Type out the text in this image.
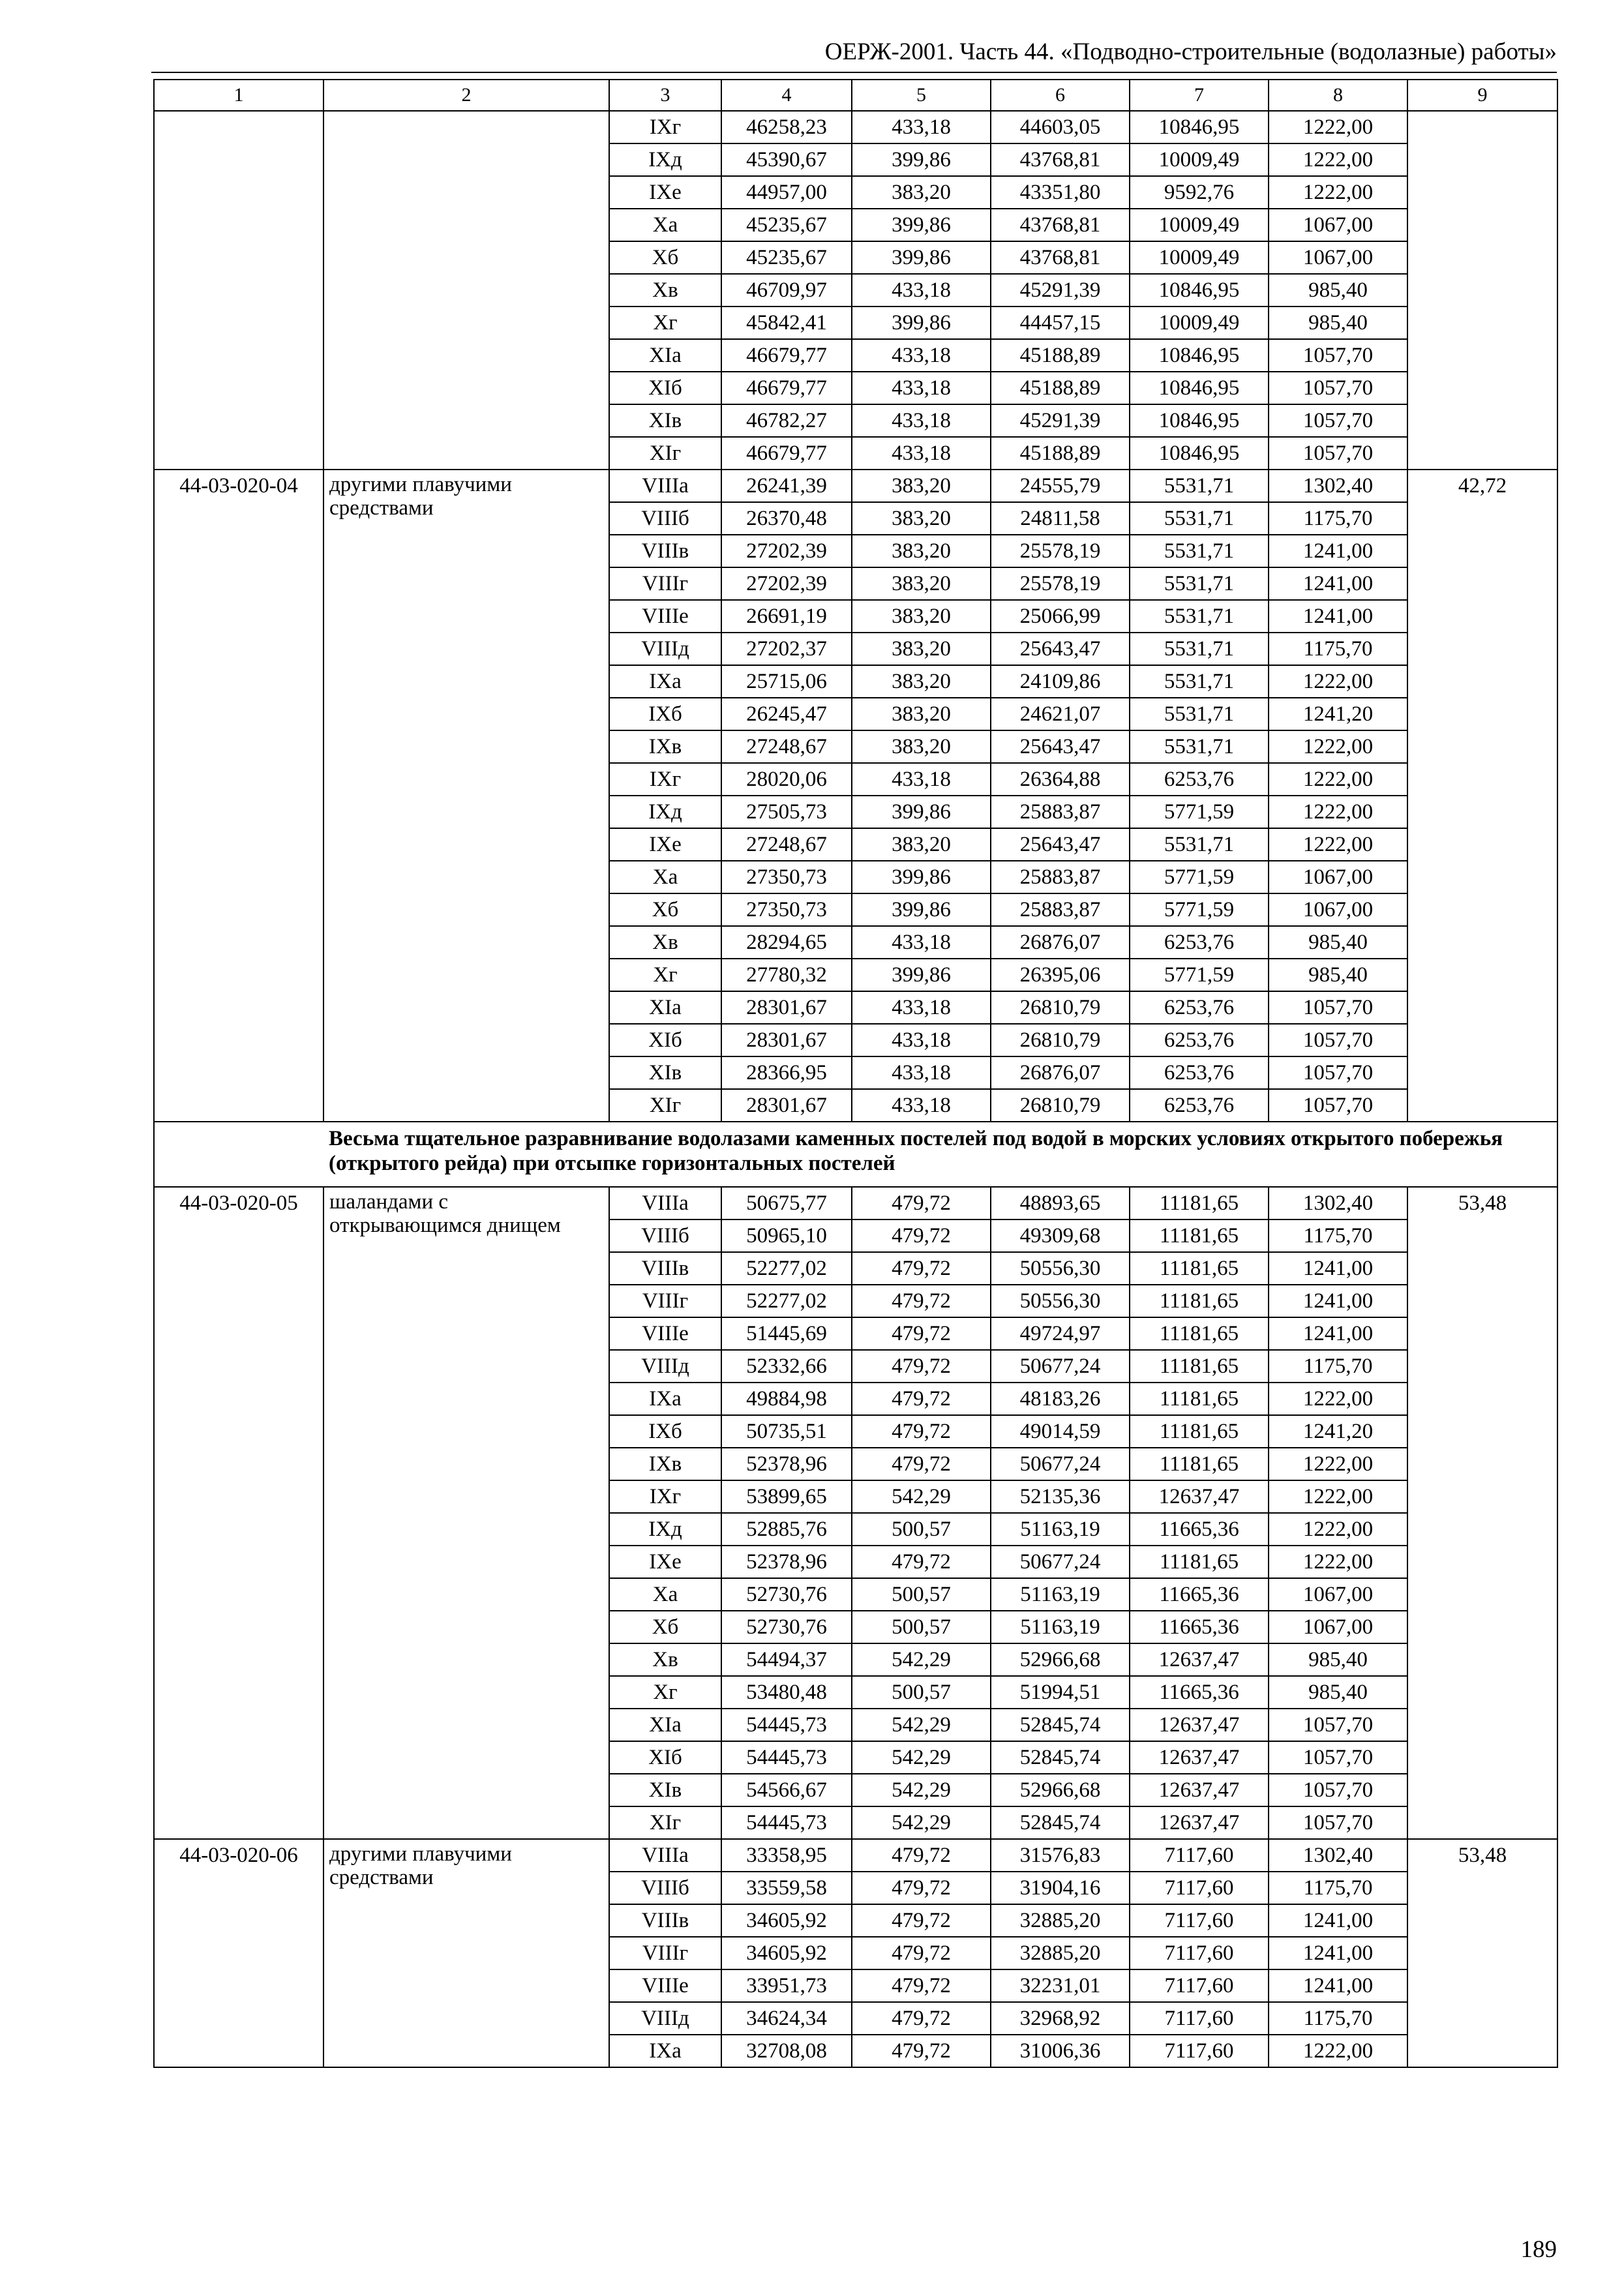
ОЕРЖ-2001. Часть 44. «Подводно-строительные (водолазные) работы»
1	2	3	4	5	6	7	8	9
		IXг	46258,23	433,18	44603,05	10846,95	1222,00	
		IXд	45390,67	399,86	43768,81	10009,49	1222,00	
		IXе	44957,00	383,20	43351,80	9592,76	1222,00	
		Xа	45235,67	399,86	43768,81	10009,49	1067,00	
		Xб	45235,67	399,86	43768,81	10009,49	1067,00	
		Xв	46709,97	433,18	45291,39	10846,95	985,40	
		Xг	45842,41	399,86	44457,15	10009,49	985,40	
		XIа	46679,77	433,18	45188,89	10846,95	1057,70	
		XIб	46679,77	433,18	45188,89	10846,95	1057,70	
		XIв	46782,27	433,18	45291,39	10846,95	1057,70	
		XIг	46679,77	433,18	45188,89	10846,95	1057,70	
44-03-020-04	другими плавучими средствами	VIIIа	26241,39	383,20	24555,79	5531,71	1302,40	42,72
		VIIIб	26370,48	383,20	24811,58	5531,71	1175,70	
		VIIIв	27202,39	383,20	25578,19	5531,71	1241,00	
		VIIIг	27202,39	383,20	25578,19	5531,71	1241,00	
		VIIIе	26691,19	383,20	25066,99	5531,71	1241,00	
		VIIIд	27202,37	383,20	25643,47	5531,71	1175,70	
		IXа	25715,06	383,20	24109,86	5531,71	1222,00	
		IXб	26245,47	383,20	24621,07	5531,71	1241,20	
		IXв	27248,67	383,20	25643,47	5531,71	1222,00	
		IXг	28020,06	433,18	26364,88	6253,76	1222,00	
		IXд	27505,73	399,86	25883,87	5771,59	1222,00	
		IXе	27248,67	383,20	25643,47	5531,71	1222,00	
		Xа	27350,73	399,86	25883,87	5771,59	1067,00	
		Xб	27350,73	399,86	25883,87	5771,59	1067,00	
		Xв	28294,65	433,18	26876,07	6253,76	985,40	
		Xг	27780,32	399,86	26395,06	5771,59	985,40	
		XIа	28301,67	433,18	26810,79	6253,76	1057,70	
		XIб	28301,67	433,18	26810,79	6253,76	1057,70	
		XIв	28366,95	433,18	26876,07	6253,76	1057,70	
		XIг	28301,67	433,18	26810,79	6253,76	1057,70	
	Весьма тщательное разравнивание водолазами каменных постелей под водой в морских условиях открытого побережья (открытого рейда) при отсыпке горизонтальных постелей							
44-03-020-05	шаландами с открывающимся днищем	VIIIа	50675,77	479,72	48893,65	11181,65	1302,40	53,48
		VIIIб	50965,10	479,72	49309,68	11181,65	1175,70	
		VIIIв	52277,02	479,72	50556,30	11181,65	1241,00	
		VIIIг	52277,02	479,72	50556,30	11181,65	1241,00	
		VIIIе	51445,69	479,72	49724,97	11181,65	1241,00	
		VIIIд	52332,66	479,72	50677,24	11181,65	1175,70	
		IXа	49884,98	479,72	48183,26	11181,65	1222,00	
		IXб	50735,51	479,72	49014,59	11181,65	1241,20	
		IXв	52378,96	479,72	50677,24	11181,65	1222,00	
		IXг	53899,65	542,29	52135,36	12637,47	1222,00	
		IXд	52885,76	500,57	51163,19	11665,36	1222,00	
		IXе	52378,96	479,72	50677,24	11181,65	1222,00	
		Xа	52730,76	500,57	51163,19	11665,36	1067,00	
		Xб	52730,76	500,57	51163,19	11665,36	1067,00	
		Xв	54494,37	542,29	52966,68	12637,47	985,40	
		Xг	53480,48	500,57	51994,51	11665,36	985,40	
		XIа	54445,73	542,29	52845,74	12637,47	1057,70	
		XIб	54445,73	542,29	52845,74	12637,47	1057,70	
		XIв	54566,67	542,29	52966,68	12637,47	1057,70	
		XIг	54445,73	542,29	52845,74	12637,47	1057,70	
44-03-020-06	другими плавучими средствами	VIIIа	33358,95	479,72	31576,83	7117,60	1302,40	53,48
		VIIIб	33559,58	479,72	31904,16	7117,60	1175,70	
		VIIIв	34605,92	479,72	32885,20	7117,60	1241,00	
		VIIIг	34605,92	479,72	32885,20	7117,60	1241,00	
		VIIIе	33951,73	479,72	32231,01	7117,60	1241,00	
		VIIIд	34624,34	479,72	32968,92	7117,60	1175,70	
		IXа	32708,08	479,72	31006,36	7117,60	1222,00	
189
